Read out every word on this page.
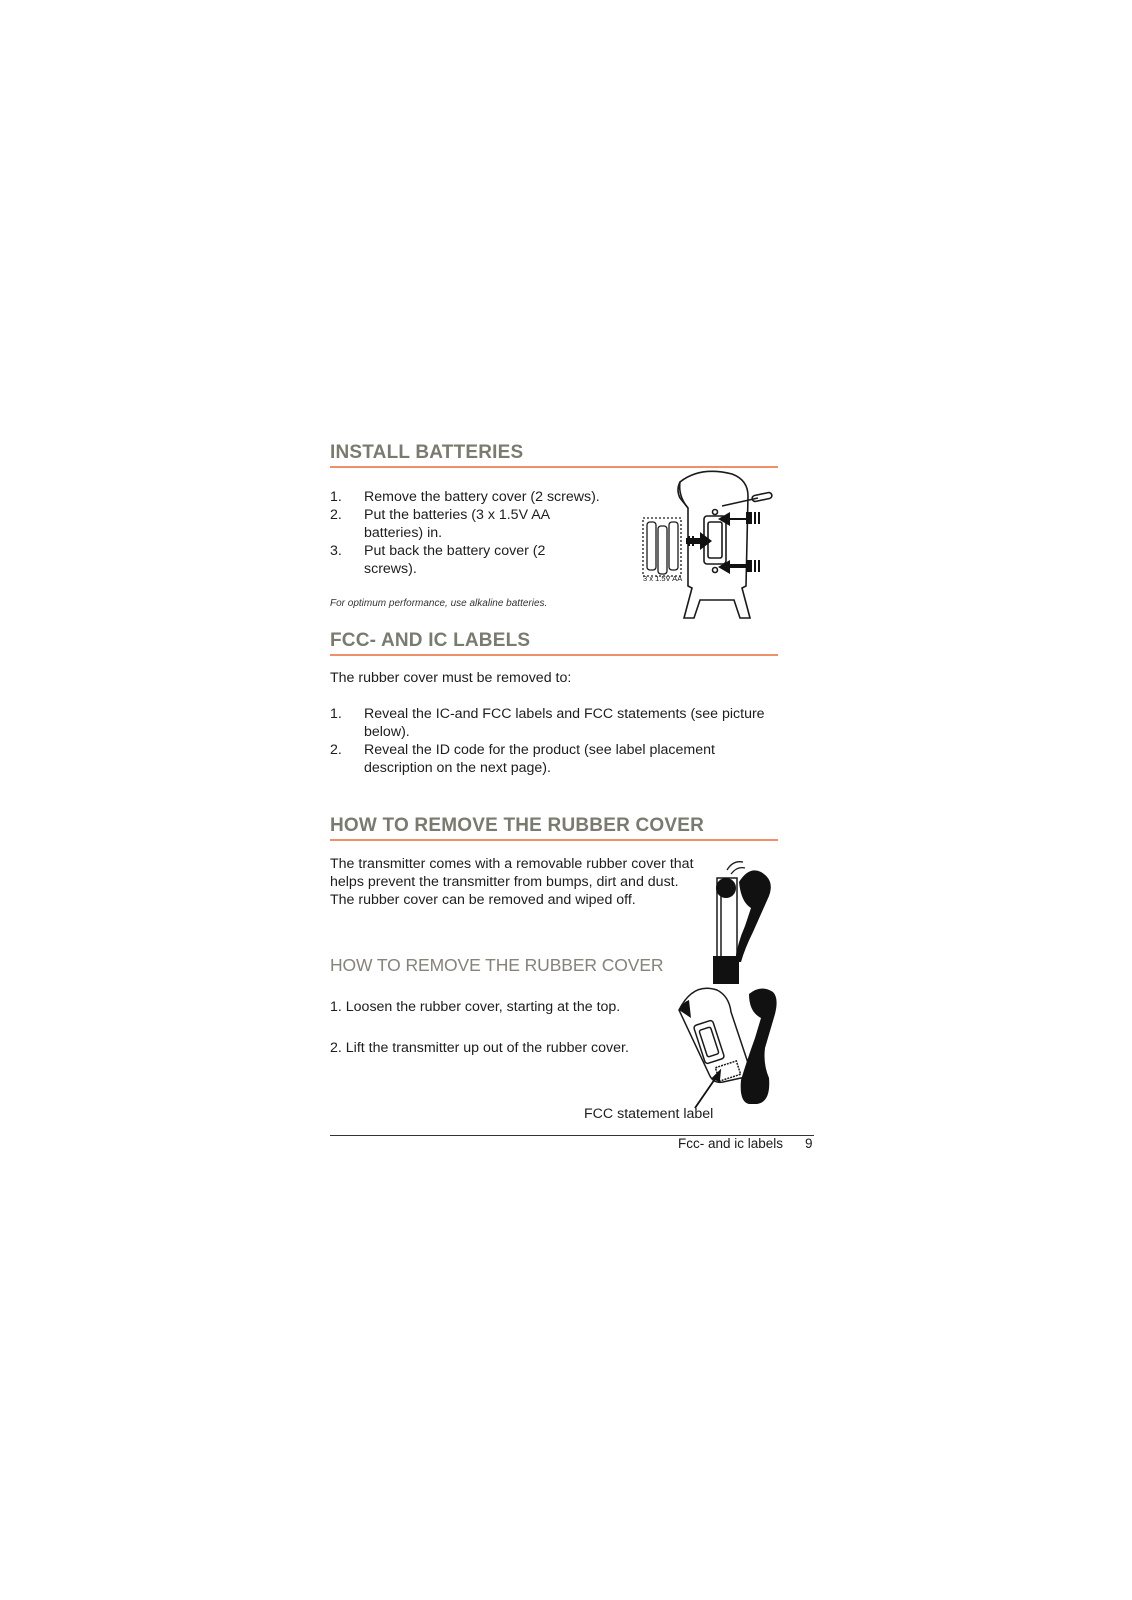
INSTALL BATTERIES
1. Remove the battery cover (2 screws).
2. Put the batteries (3 x 1.5V AA batteries) in.
3. Put back the battery cover (2 screws).
For optimum performance, use alkaline batteries.
3 x 1.5V AA
FCC- AND IC LABELS
The rubber cover must be removed to:
1. Reveal the IC-and FCC labels and FCC statements (see picture below).
2. Reveal the ID code for the product (see label placement description on the next page).
HOW TO REMOVE THE RUBBER COVER
The transmitter comes with a removable rubber cover that helps prevent the transmitter from bumps, dirt and dust. The rubber cover can be removed and wiped off.
HOW TO REMOVE THE RUBBER COVER
1. Loosen the rubber cover, starting at the top.
2. Lift the transmitter up out of the rubber cover.
FCC statement label
Fcc- and ic labels 9
